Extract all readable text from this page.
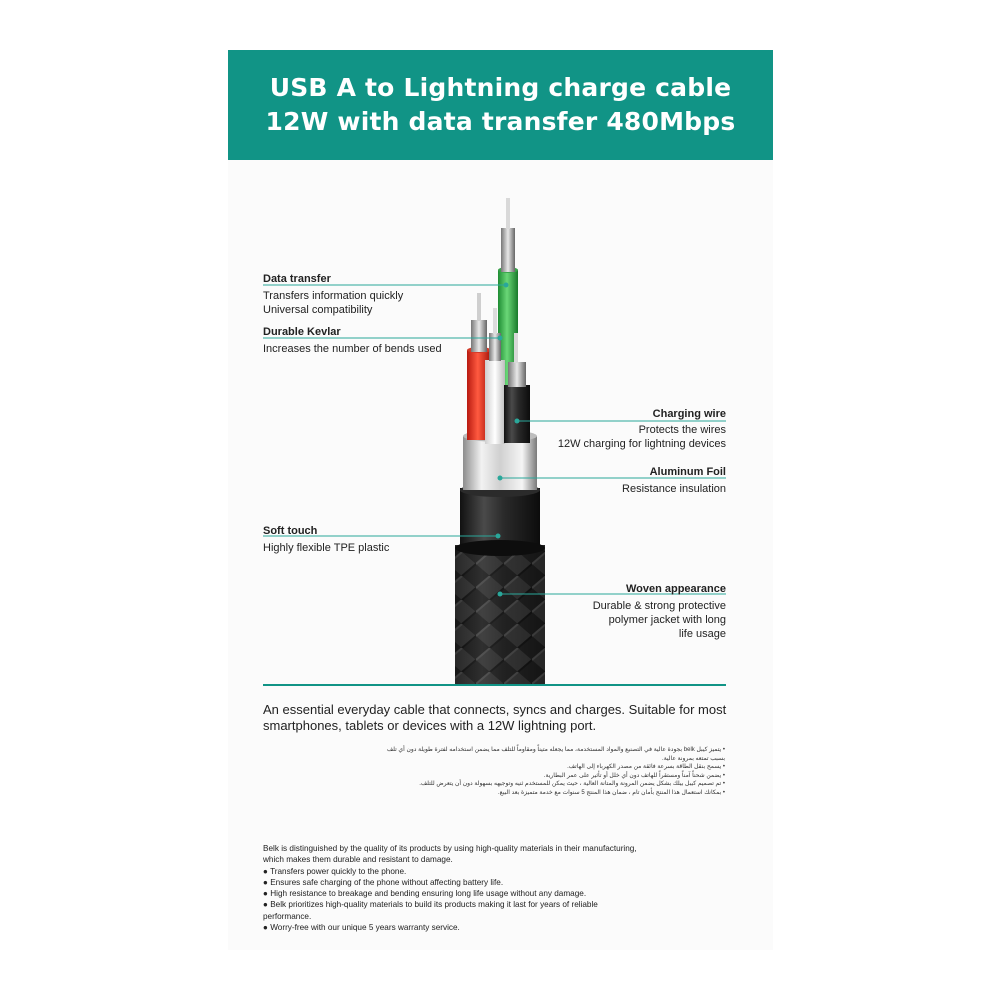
USB A to Lightning charge cable
12W with data transfer 480Mbps
Data transfer
Transfers information quickly
Universal compatibility
Durable Kevlar
Increases the number of bends used
Charging wire
Protects the wires
12W charging for lightning devices
Aluminum Foil
Resistance insulation
Soft touch
Highly flexible TPE plastic
Woven appearance
Durable & strong protective
polymer jacket with long
life usage
An essential everyday cable that connects, syncs and charges. Suitable for most smartphones, tablets or devices with a 12W lightning port.
• يتميز كيبل belk بجودة عالية في التصنيع والمواد المستخدمة، مما يجعله متيناً ومقاوماً للتلف مما يضمن استخدامه لفترة طويلة دون أي تلف بسبب تمتعه بمرونة عالية.
• يسمح بنقل الطاقة بسرعة فائقة من مصدر الكهرباء إلى الهاتف.
• يضمن شحناً آمناً ومستقراً للهاتف دون أي خلل أو تأثير على عمر البطارية.
• تم تصميم كيبل بيلك بشكل يضمن المرونة والمتانة العالية ، حيث يمكن للمستخدم ثنيه وتوجيهه بسهولة دون أن يتعرض للتلف.
• بمكانك استعمال هذا المنتج بأمان تام ، ضمان هذا المنتج 5 سنوات مع خدمة متميزة بعد البيع.
Belk is distinguished by the quality of its products by using high-quality materials in their manufacturing, which makes them durable and resistant to damage.
● Transfers power quickly to the phone.
● Ensures safe charging of the phone without affecting battery life.
● High resistance to breakage and bending ensuring long life usage without any damage.
● Belk prioritizes high-quality materials to build its products making it last for years of reliable performance.
● Worry-free with our unique 5 years warranty service.
